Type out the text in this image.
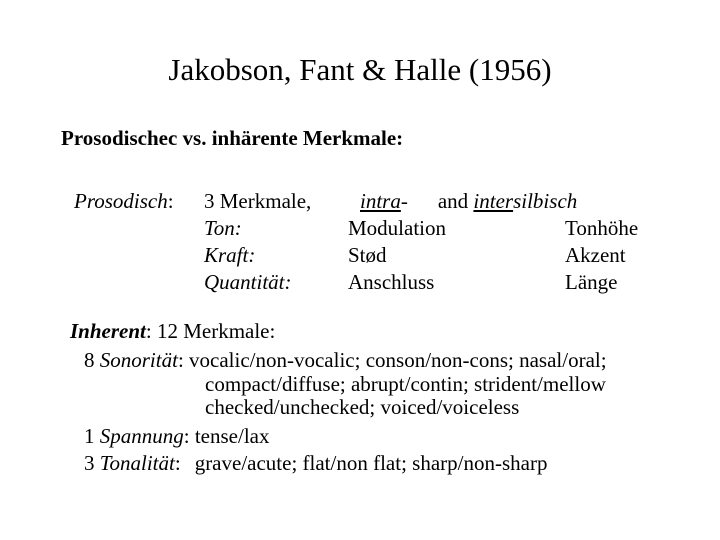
Jakobson, Fant & Halle (1956)
Prosodischec vs. inhärente Merkmale:
Prosodisch: 3 Merkmale, intra- and intersilbisch
Ton:	Modulation	Tonhöhe
Kraft:	Stød	Akzent
Quantität:	Anschluss	Länge
Inherent: 12 Merkmale:
8 Sonorität: vocalic/non-vocalic; conson/non-cons; nasal/oral;
compact/diffuse; abrupt/contin; strident/mellow
checked/unchecked; voiced/voiceless
1 Spannung: tense/lax
3 Tonalität: grave/acute; flat/non flat; sharp/non-sharp
